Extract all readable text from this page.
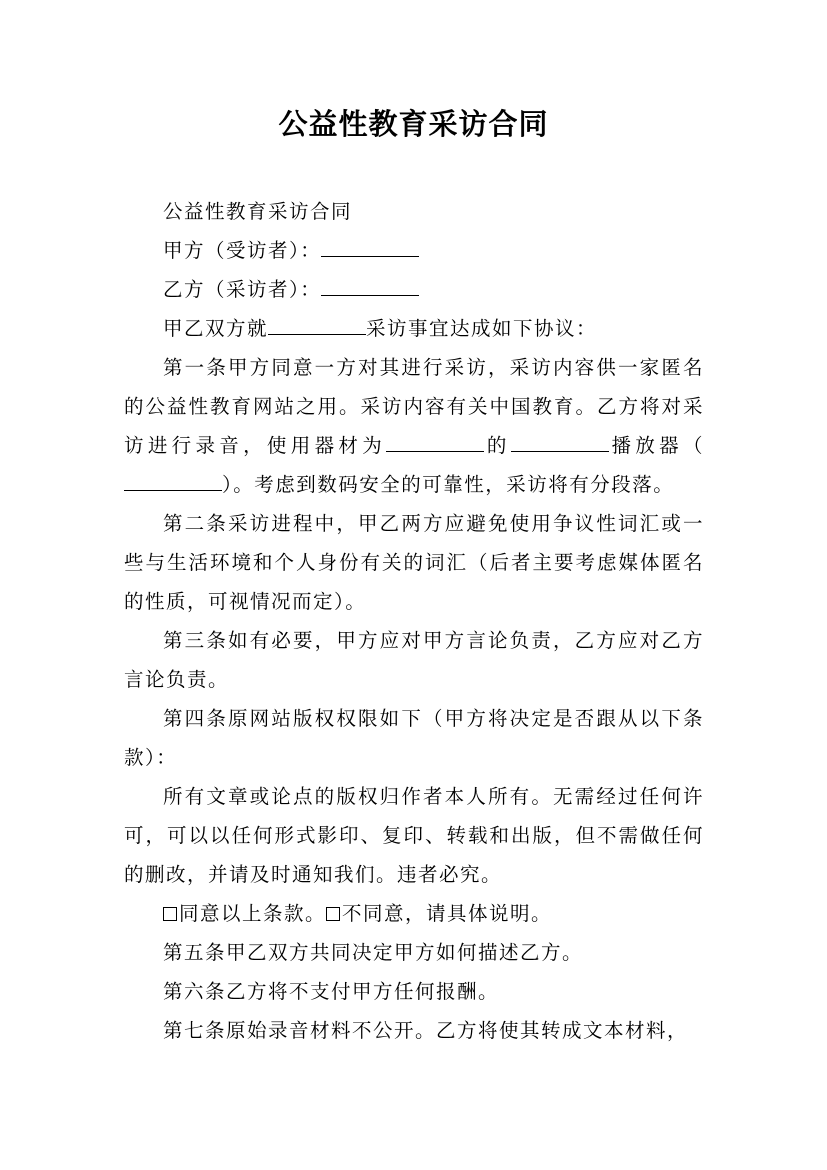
公益性教育采访合同

公益性教育采访合同

甲方（受访者）：

乙方（采访者）：

甲乙双方就	采访事宜达成如下协议：

第一条甲方同意一方对其进行采访，采访内容供一家匿名的公益性教育网站之用。采访内容有关中国教育。乙方将对采访进行录音，使用器材为	的	播放器（）。考虑到数码安全的可靠性，采访将有分段落。

第二条采访进程中，甲乙两方应避免使用争议性词汇或一些与生活环境和个人身份有关的词汇（后者主要考虑媒体匿名的性质，可视情况而定）。

第三条如有必要，甲方应对甲方言论负责，乙方应对乙方言论负责。

第四条原网站版权权限如下（甲方将决定是否跟从以下条款）：

所有文章或论点的版权归作者本人所有。无需经过任何许可，可以以任何形式影印、复印、转载和出版，但不需做任何的删改，并请及时通知我们。违者必究。

同意以上条款。 不同意，请具体说明。

第五条甲乙双方共同决定甲方如何描述乙方。

第六条乙方将不支付甲方任何报酬。

第七条原始录音材料不公开。乙方将使其转成文本材料，
